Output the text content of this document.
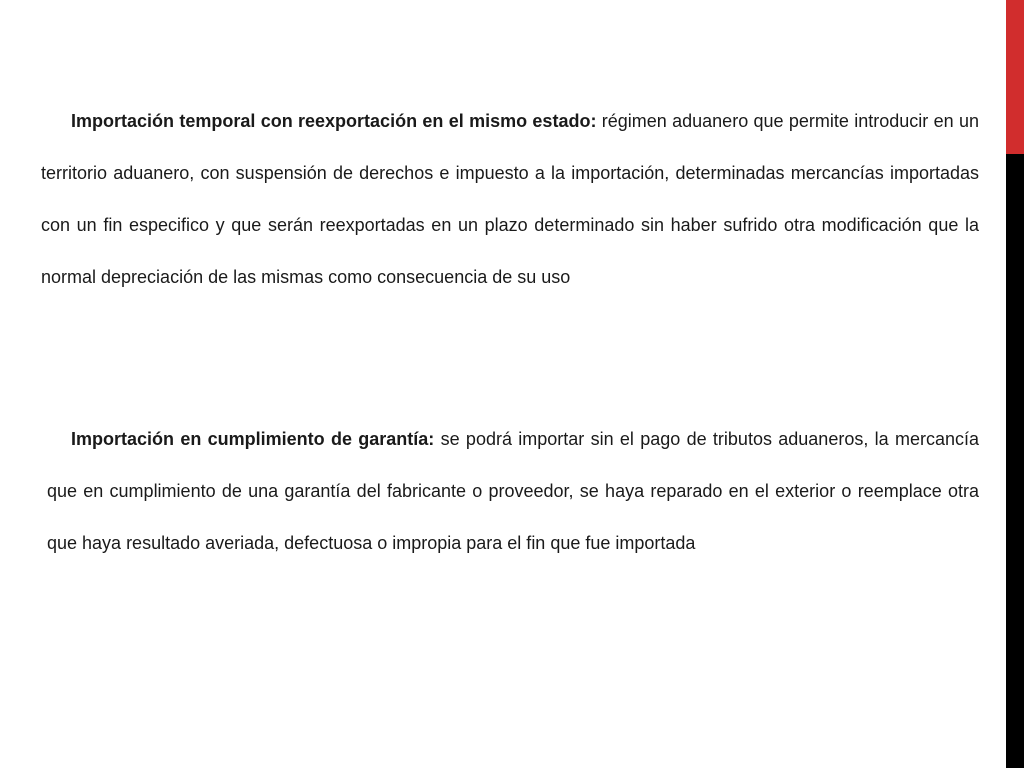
Importación temporal con reexportación en el mismo estado: régimen aduanero que permite introducir en un territorio aduanero, con suspensión de derechos e impuesto a la importación, determinadas mercancías importadas con un fin especifico y que serán reexportadas en un plazo determinado sin haber sufrido otra modificación que la normal depreciación de las mismas como consecuencia de su uso

Importación en cumplimiento de garantía: se podrá importar sin el pago de tributos aduaneros, la mercancía que en cumplimiento de una garantía del fabricante o proveedor, se haya reparado en el exterior o reemplace otra que haya resultado averiada, defectuosa o impropia para el fin que fue importada
